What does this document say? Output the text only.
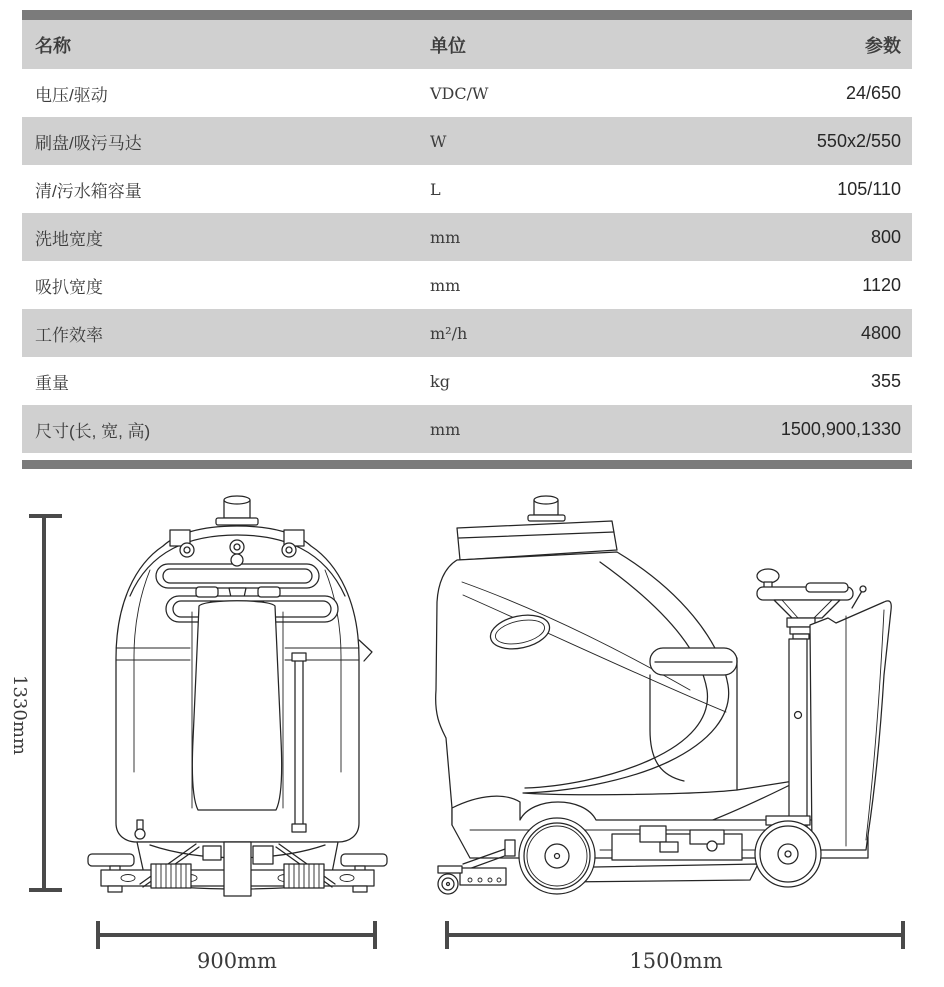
名称	单位	参数
电压/驱动	VDC/W	24/650
刷盘/吸污马达	W	550x2/550
清/污水箱容量	L	105/110
洗地宽度	mm	800
吸扒宽度	mm	1120
工作效率	m²/h	4800
重量	kg	355
尺寸(长, 宽, 高)	mm	1500,900,1330
1330mm
900mm	1500mm
